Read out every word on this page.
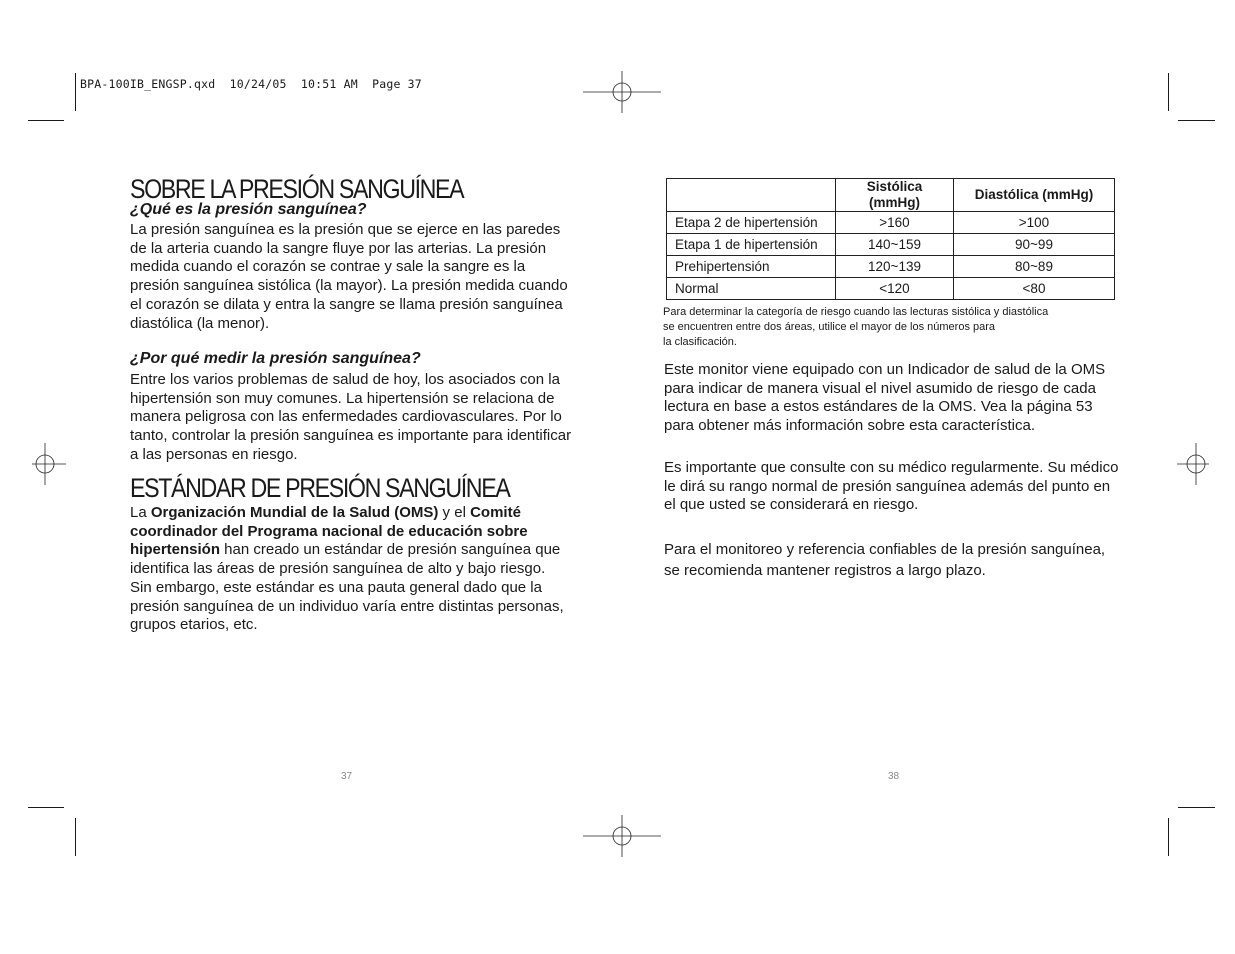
BPA-100IB_ENGSP.qxd  10/24/05  10:51 AM  Page 37
SOBRE LA PRESIÓN SANGUÍNEA
¿Qué es la presión sanguínea?

La presión sanguínea es la presión que se ejerce en las paredes
de la arteria cuando la sangre fluye por las arterias. La presión
medida cuando el corazón se contrae y sale la sangre es la
presión sanguínea sistólica (la mayor). La presión medida cuando
el corazón se dilata y entra la sangre se llama presión sanguínea
diastólica (la menor).

¿Por qué medir la presión sanguínea?

Entre los varios problemas de salud de hoy, los asociados con la
hipertensión son muy comunes. La hipertensión se relaciona de
manera peligrosa con las enfermedades cardiovasculares. Por lo
tanto, controlar la presión sanguínea es importante para identificar
a las personas en riesgo.

ESTÁNDAR DE PRESIÓN SANGUÍNEA

La Organización Mundial de la Salud (OMS) y el Comité
coordinador del Programa nacional de educación sobre
hipertensión han creado un estándar de presión sanguínea que
identifica las áreas de presión sanguínea de alto y bajo riesgo.
Sin embargo, este estándar es una pauta general dado que la
presión sanguínea de un individuo varía entre distintas personas,
grupos etarios, etc.

37
	Sistólica (mmHg)	Diastólica (mmHg)
Etapa 2 de hipertensión	>160	>100
Etapa 1 de hipertensión	140~159	90~99
Prehipertensión	120~139	80~89
Normal	<120	<80

Para determinar la categoría de riesgo cuando las lecturas sistólica y diastólica
se encuentren entre dos áreas, utilice el mayor de los números para
la clasificación.

Este monitor viene equipado con un Indicador de salud de la OMS
para indicar de manera visual el nivel asumido de riesgo de cada
lectura en base a estos estándares de la OMS. Vea la página 53
para obtener más información sobre esta característica.

Es importante que consulte con su médico regularmente. Su médico
le dirá su rango normal de presión sanguínea además del punto en
el que usted se considerará en riesgo.

Para el monitoreo y referencia confiables de la presión sanguínea,
se recomienda mantener registros a largo plazo.

38
